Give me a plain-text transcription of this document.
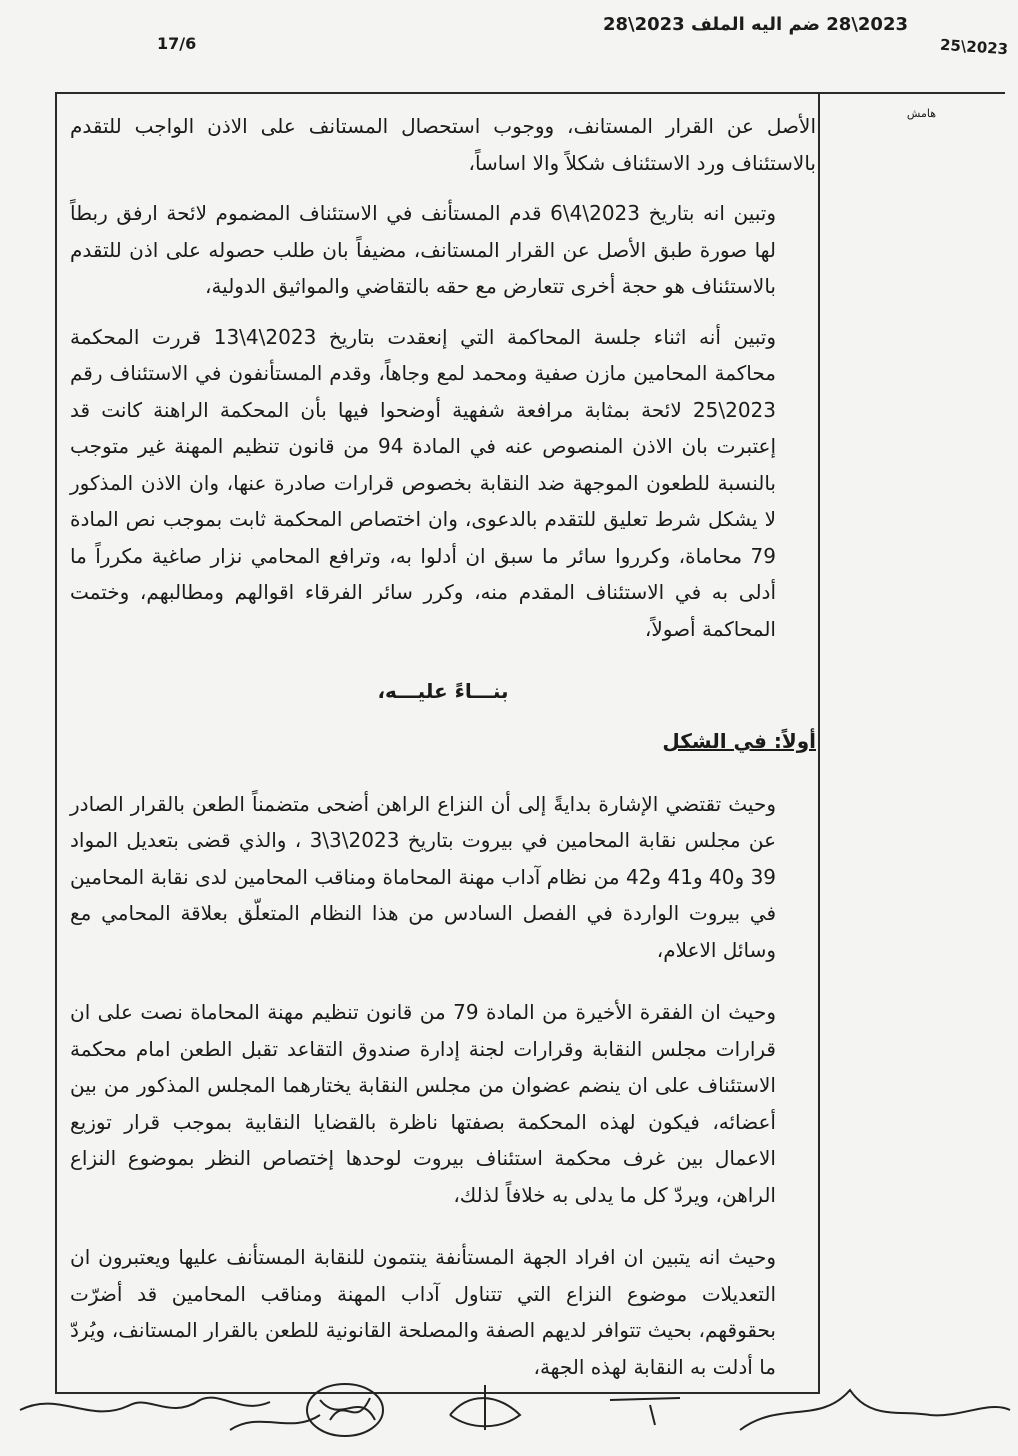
17/6
2023\28 ضم اليه الملف 2023\28
2023\25
هامش

الأصل عن القرار المستانف، ووجوب استحصال المستانف على الاذن الواجب للتقدم بالاستئناف ورد الاستئناف شكلاً والا اساساً،

وتبين انه بتاريخ 2023\4\6 قدم المستأنف في الاستئناف المضموم لائحة ارفق ربطاً لها صورة طبق الأصل عن القرار المستانف، مضيفاً بان طلب حصوله على اذن للتقدم بالاستئناف هو حجة أخرى تتعارض مع حقه بالتقاضي والمواثيق الدولية،

وتبين أنه اثناء جلسة المحاكمة التي إنعقدت بتاريخ 2023\4\13 قررت المحكمة محاكمة المحامين مازن صفية ومحمد لمع وجاهاً، وقدم المستأنفون في الاستئناف رقم 2023\25 لائحة بمثابة مرافعة شفهية أوضحوا فيها بأن المحكمة الراهنة كانت قد إعتبرت بان الاذن المنصوص عنه في المادة 94 من قانون تنظيم المهنة غير متوجب بالنسبة للطعون الموجهة ضد النقابة بخصوص قرارات صادرة عنها، وان الاذن المذكور لا يشكل شرط تعليق للتقدم بالدعوى، وان اختصاص المحكمة ثابت بموجب نص المادة 79 محاماة، وكرروا سائر ما سبق ان أدلوا به، وترافع المحامي نزار صاغية مكرراً ما أدلى به في الاستئناف المقدم منه، وكرر سائر الفرقاء اقوالهم ومطالبهم، وختمت المحاكمة أصولاً،

بنـــاءً عليـــه،
أولاً: في الشكل

وحيث تقتضي الإشارة بدايةً إلى أن النزاع الراهن أضحى متضمناً الطعن بالقرار الصادر عن مجلس نقابة المحامين في بيروت بتاريخ 2023\3\3 ، والذي قضى بتعديل المواد 39 و40 و41 و42 من نظام آداب مهنة المحاماة ومناقب المحامين لدى نقابة المحامين في بيروت الواردة في الفصل السادس من هذا النظام المتعلّق بعلاقة المحامي مع وسائل الاعلام،

وحيث ان الفقرة الأخيرة من المادة 79 من قانون تنظيم مهنة المحاماة نصت على ان قرارات مجلس النقابة وقرارات لجنة إدارة صندوق التقاعد تقبل الطعن امام محكمة الاستئناف على ان ينضم عضوان من مجلس النقابة يختارهما المجلس المذكور من بين أعضائه، فيكون لهذه المحكمة بصفتها ناظرة بالقضايا النقابية بموجب قرار توزيع الاعمال بين غرف محكمة استئناف بيروت لوحدها إختصاص النظر بموضوع النزاع الراهن، ويردّ كل ما يدلى به خلافاً لذلك،

وحيث انه يتبين ان افراد الجهة المستأنفة ينتمون للنقابة المستأنف عليها ويعتبرون ان التعديلات موضوع النزاع التي تتناول آداب المهنة ومناقب المحامين قد أضرّت بحقوقهم، بحيث تتوافر لديهم الصفة والمصلحة القانونية للطعن بالقرار المستانف، ويُردّ ما أدلت به النقابة لهذه الجهة،
